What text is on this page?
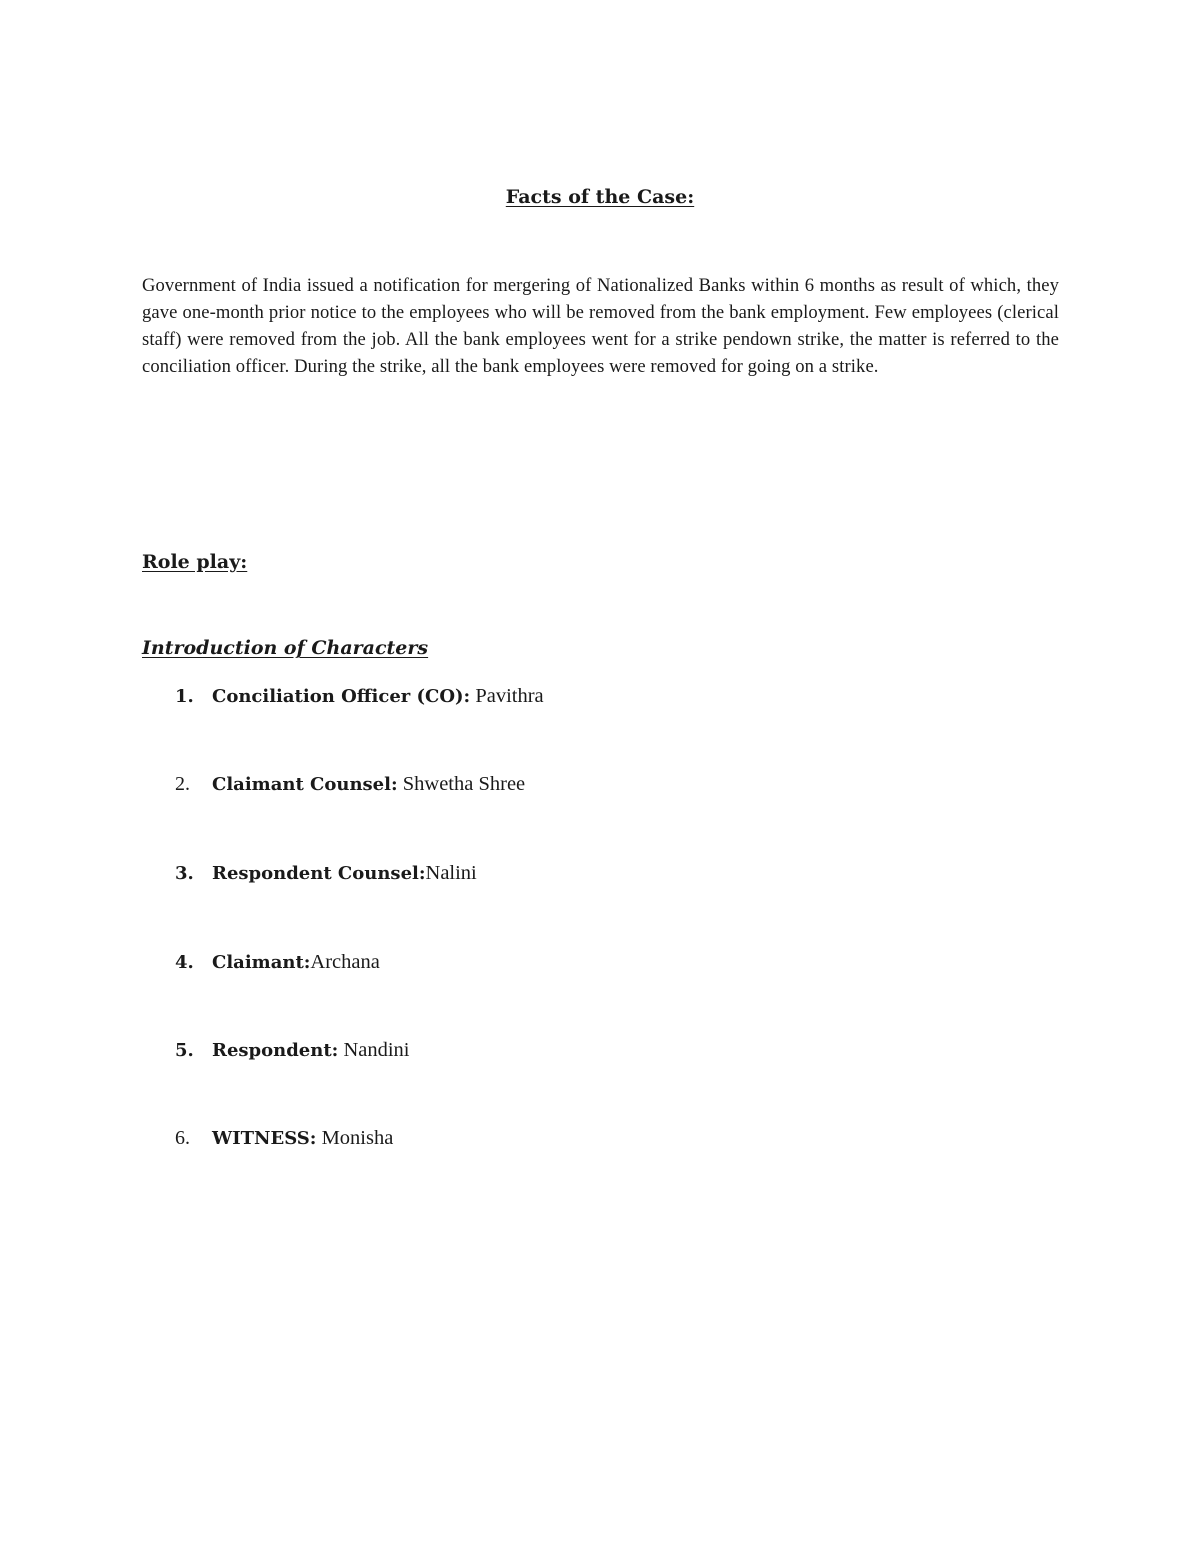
Facts of the Case:

Government of India issued a notification for mergering of Nationalized Banks within 6 months as result of which, they gave one-month prior notice to the employees who will be removed from the bank employment. Few employees (clerical staff) were removed from the job. All the bank employees went for a strike pendown strike, the matter is referred to the conciliation officer. During the strike, all the bank employees were removed for going on a strike.

Role play:
Introduction of Characters
1. Conciliation Officer (CO): Pavithra
2. Claimant Counsel: Shwetha Shree
3. Respondent Counsel:Nalini
4. Claimant:Archana
5. Respondent: Nandini
6. WITNESS: Monisha
